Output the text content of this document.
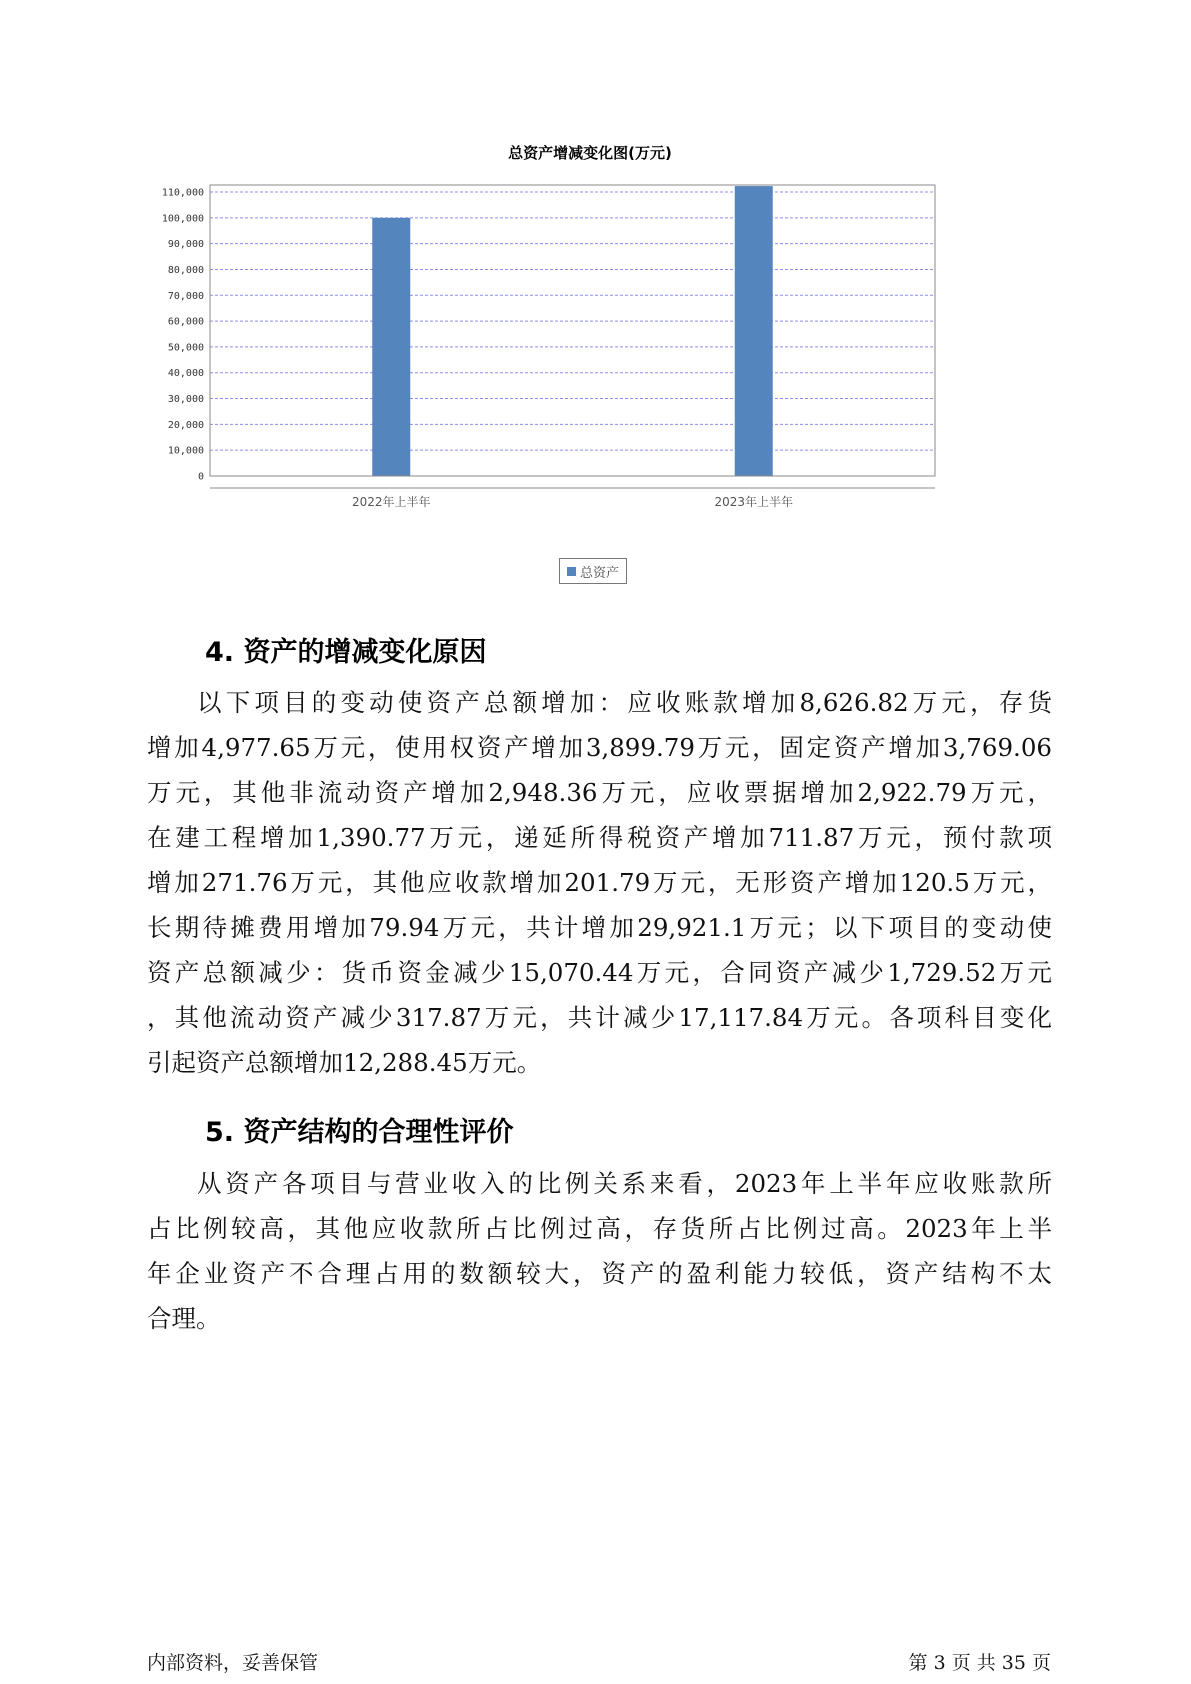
总资产增减变化图(万元)
0
10,000
20,000
30,000
40,000
50,000
60,000
70,000
80,000
90,000
100,000
110,000
2022年上半年	2023年上半年
总资产
4. 资产的增减变化原因
以下项目的变动使资产总额增加：应收账款增加8,626.82万元，存货
增加4,977.65万元，使用权资产增加3,899.79万元，固定资产增加3,769.06
万元，其他非流动资产增加2,948.36万元，应收票据增加2,922.79万元，
在建工程增加1,390.77万元，递延所得税资产增加711.87万元，预付款项
增加271.76万元，其他应收款增加201.79万元，无形资产增加120.5万元，
长期待摊费用增加79.94万元，共计增加29,921.1万元；以下项目的变动使
资产总额减少：货币资金减少15,070.44万元，合同资产减少1,729.52万元
，其他流动资产减少317.87万元，共计减少17,117.84万元。各项科目变化
引起资产总额增加12,288.45万元。
5. 资产结构的合理性评价
从资产各项目与营业收入的比例关系来看，2023年上半年应收账款所
占比例较高，其他应收款所占比例过高，存货所占比例过高。2023年上半
年企业资产不合理占用的数额较大，资产的盈利能力较低，资产结构不太
合理。
内部资料，妥善保管	第 3 页 共 35 页
